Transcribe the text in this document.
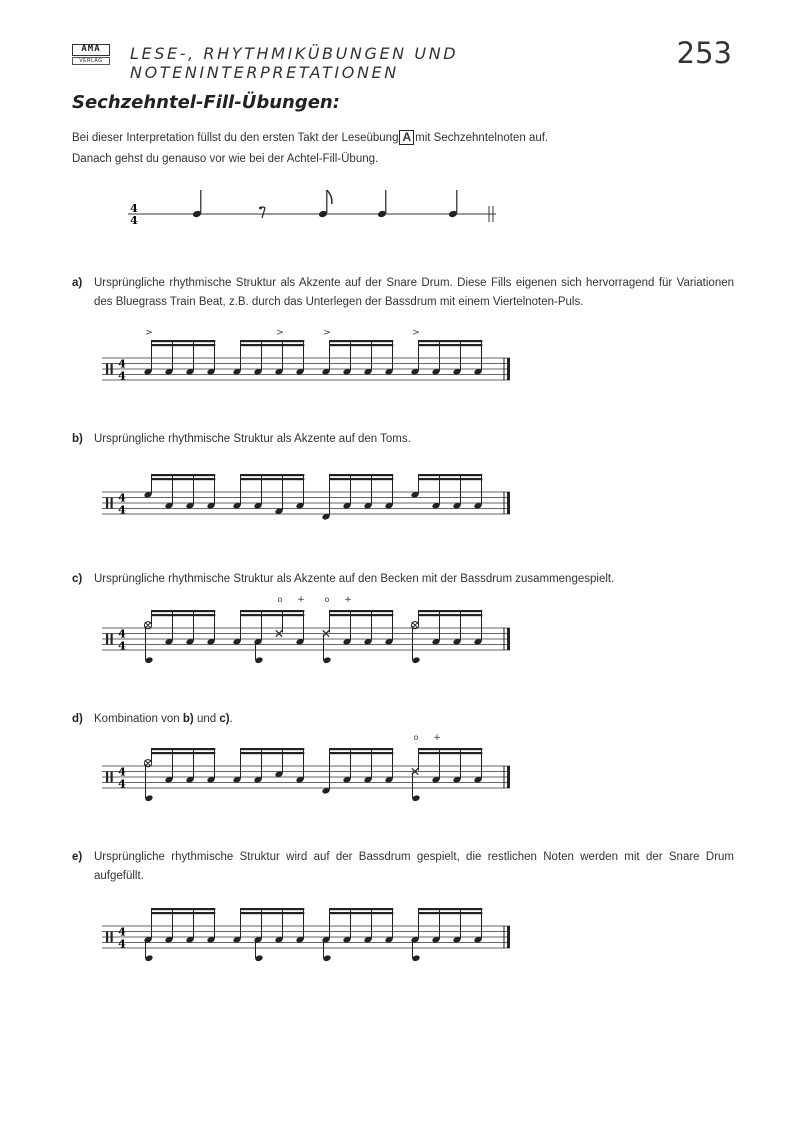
AMA
VERLAG	LESE-, RHYTHMIKÜBUNGEN UND NOTENINTERPRETATIONEN
253
Sechzehntel-Fill-Übungen:
Bei dieser Interpretation füllst du den ersten Takt der Leseübung A mit Sechzehntelnoten auf.
Danach gehst du genauso vor wie bei der Achtel-Fill-Übung.
4
4
a) Ursprüngliche rhythmische Struktur als Akzente auf der Snare Drum. Diese Fills eigenen sich hervorragend für Variationen des Bluegrass Train Beat, z.B. durch das Unterlegen der Bassdrum mit einem Viertelnoten-Puls.
4
4
>	>	>	>
b) Ursprüngliche rhythmische Struktur als Akzente auf den Toms.
4
4
c) Ursprüngliche rhythmische Struktur als Akzente auf den Becken mit der Bassdrum zusammengespielt.
4
4
o + o +
d) Kombination von b) und c).
4
4
o +
e) Ursprüngliche rhythmische Struktur wird auf der Bassdrum gespielt, die restlichen Noten werden mit der Snare Drum aufgefüllt.
4
4
